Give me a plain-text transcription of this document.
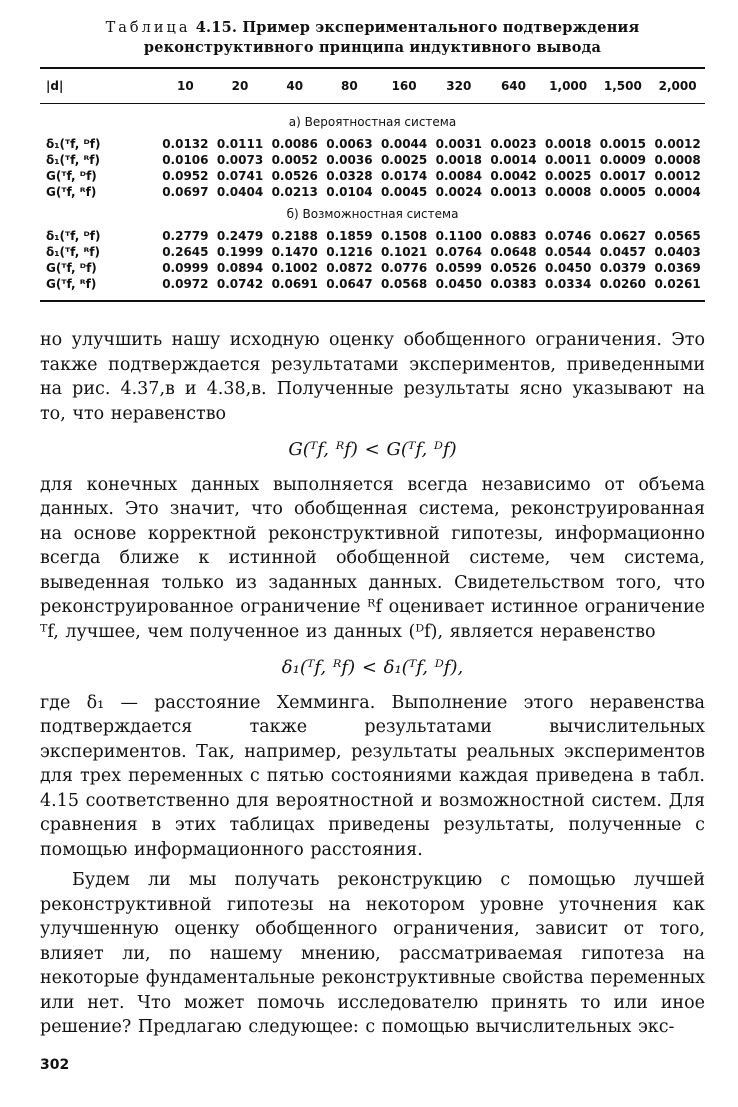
Таблица 4.15. Пример экспериментального подтверждения
реконструктивного принципа индуктивного вывода
|d|	10	20	40	80	160	320	640	1,000	1,500	2,000

а) Вероятностная система										
δ₁(ᵀf, ᴰf)	0.0132	0.0111	0.0086	0.0063	0.0044	0.0031	0.0023	0.0018	0.0015	0.0012
δ₁(ᵀf, ᴿf)	0.0106	0.0073	0.0052	0.0036	0.0025	0.0018	0.0014	0.0011	0.0009	0.0008
G(ᵀf, ᴰf)	0.0952	0.0741	0.0526	0.0328	0.0174	0.0084	0.0042	0.0025	0.0017	0.0012
G(ᵀf, ᴿf)	0.0697	0.0404	0.0213	0.0104	0.0045	0.0024	0.0013	0.0008	0.0005	0.0004
б) Возможностная система										
δ₁(ᵀf, ᴰf)	0.2779	0.2479	0.2188	0.1859	0.1508	0.1100	0.0883	0.0746	0.0627	0.0565
δ₁(ᵀf, ᴿf)	0.2645	0.1999	0.1470	0.1216	0.1021	0.0764	0.0648	0.0544	0.0457	0.0403
G(ᵀf, ᴰf)	0.0999	0.0894	0.1002	0.0872	0.0776	0.0599	0.0526	0.0450	0.0379	0.0369
G(ᵀf, ᴿf)	0.0972	0.0742	0.0691	0.0647	0.0568	0.0450	0.0383	0.0334	0.0260	0.0261

но улучшить нашу исходную оценку обобщенного ограничения. Это также подтверждается результатами экспериментов, приведенными на рис. 4.37,в и 4.38,в. Полученные результаты ясно указывают на то, что неравенство

G(ᵀf, ᴿf) < G(ᵀf, ᴰf)

для конечных данных выполняется всегда независимо от объема данных. Это значит, что обобщенная система, реконструированная на основе корректной реконструктивной гипотезы, информационно всегда ближе к истинной обобщенной системе, чем система, выведенная только из заданных данных. Свидетельством того, что реконструированное ограничение ᴿf оценивает истинное ограничение ᵀf, лучшее, чем полученное из данных (ᴰf), является неравенство

δ₁(ᵀf, ᴿf) < δ₁(ᵀf, ᴰf),

где δ₁ — расстояние Хемминга. Выполнение этого неравенства подтверждается также результатами вычислительных экспериментов. Так, например, результаты реальных экспериментов для трех переменных с пятью состояниями каждая приведена в табл. 4.15 соответственно для вероятностной и возможностной систем. Для сравнения в этих таблицах приведены результаты, полученные с помощью информационного расстояния.

Будем ли мы получать реконструкцию с помощью лучшей реконструктивной гипотезы на некотором уровне уточнения как улучшенную оценку обобщенного ограничения, зависит от того, влияет ли, по нашему мнению, рассматриваемая гипотеза на некоторые фундаментальные реконструктивные свойства переменных или нет. Что может помочь исследователю принять то или иное решение? Предлагаю следующее: с помощью вычислительных экс-

302
